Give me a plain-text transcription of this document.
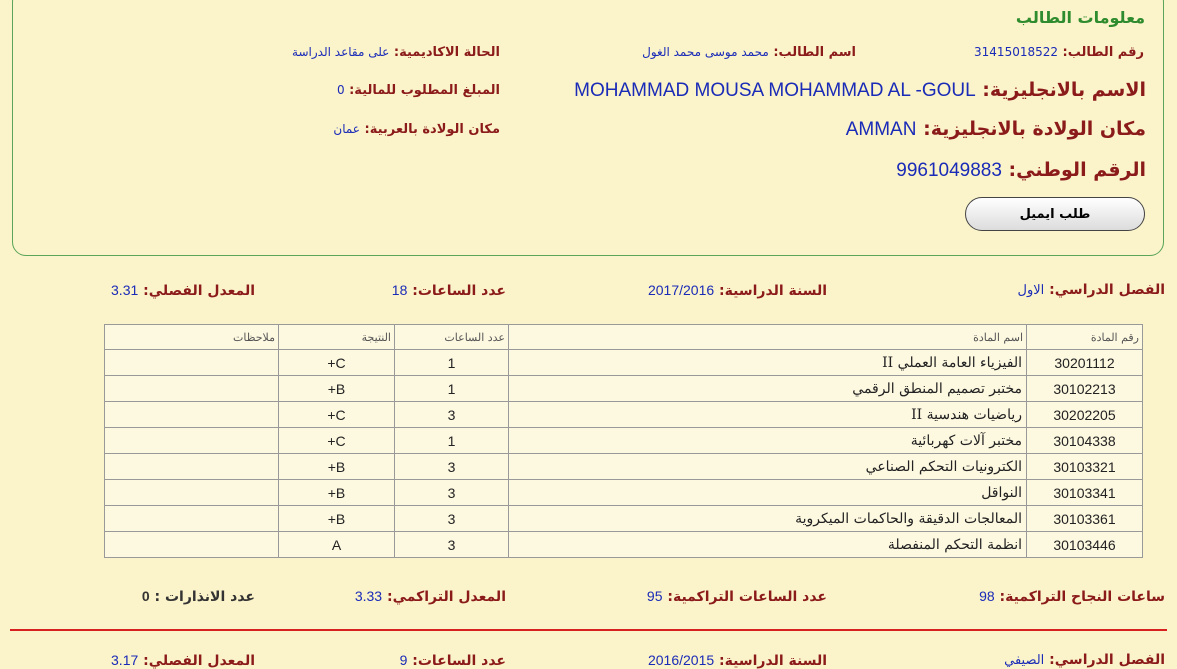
معلومات الطالب
رقم الطالب: 31415018522
اسم الطالب: محمد موسى محمد الغول
الحالة الاكاديمية: على مقاعد الدراسة
الاسم بالانجليزية: MOHAMMAD MOUSA MOHAMMAD AL -GOUL
المبلغ المطلوب للمالية: 0
مكان الولادة بالانجليزية: AMMAN
مكان الولادة بالعربية: عمان
الرقم الوطني: 9961049883
طلب ايميل
الفصل الدراسي: الاول
السنة الدراسية: 2017/2016
عدد الساعات: 18
المعدل الفصلي: 3.31
رقم المادة	اسم المادة	عدد الساعات	النتيجة	ملاحظات
30201112	الفيزياء العامة العملي II	1	C+	
30102213	مختبر تصميم المنطق الرقمي	1	B+	
30202205	رياضيات هندسية II	3	C+	
30104338	مختبر آلات كهربائية	1	C+	
30103321	الكترونيات التحكم الصناعي	3	B+	
30103341	النواقل	3	B+	
30103361	المعالجات الدقيقة والحاكمات الميكروية	3	B+	
30103446	انظمة التحكم المنفصلة	3	A	
ساعات النجاح التراكمية: 98
عدد الساعات التراكمية: 95
المعدل التراكمي: 3.33
عدد الانذارات : 0
الفصل الدراسي: الصيفي
السنة الدراسية: 2016/2015
عدد الساعات: 9
المعدل الفصلي: 3.17
